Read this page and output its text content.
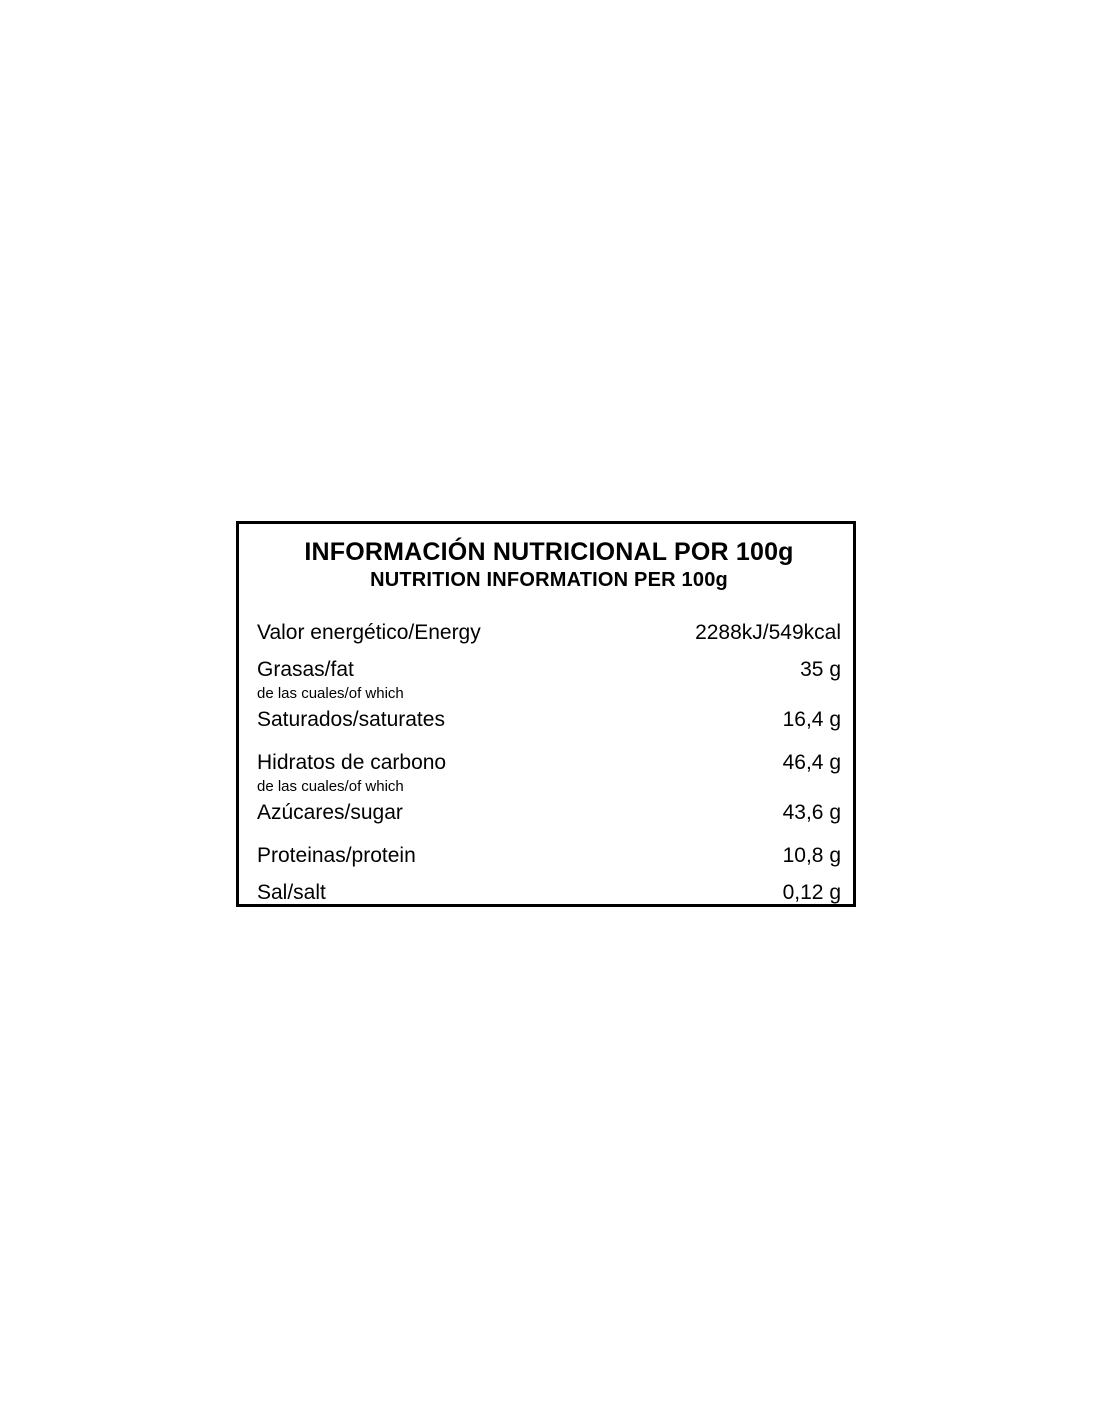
INFORMACIÓN NUTRICIONAL POR 100g
NUTRITION INFORMATION PER 100g
Valor energético/Energy	2288kJ/549kcal
Grasas/fat	35 g
de las cuales/of which
Saturados/saturates	16,4 g
Hidratos de carbono	46,4 g
de las cuales/of which
Azúcares/sugar	43,6 g
Proteinas/protein	10,8 g
Sal/salt	0,12 g
